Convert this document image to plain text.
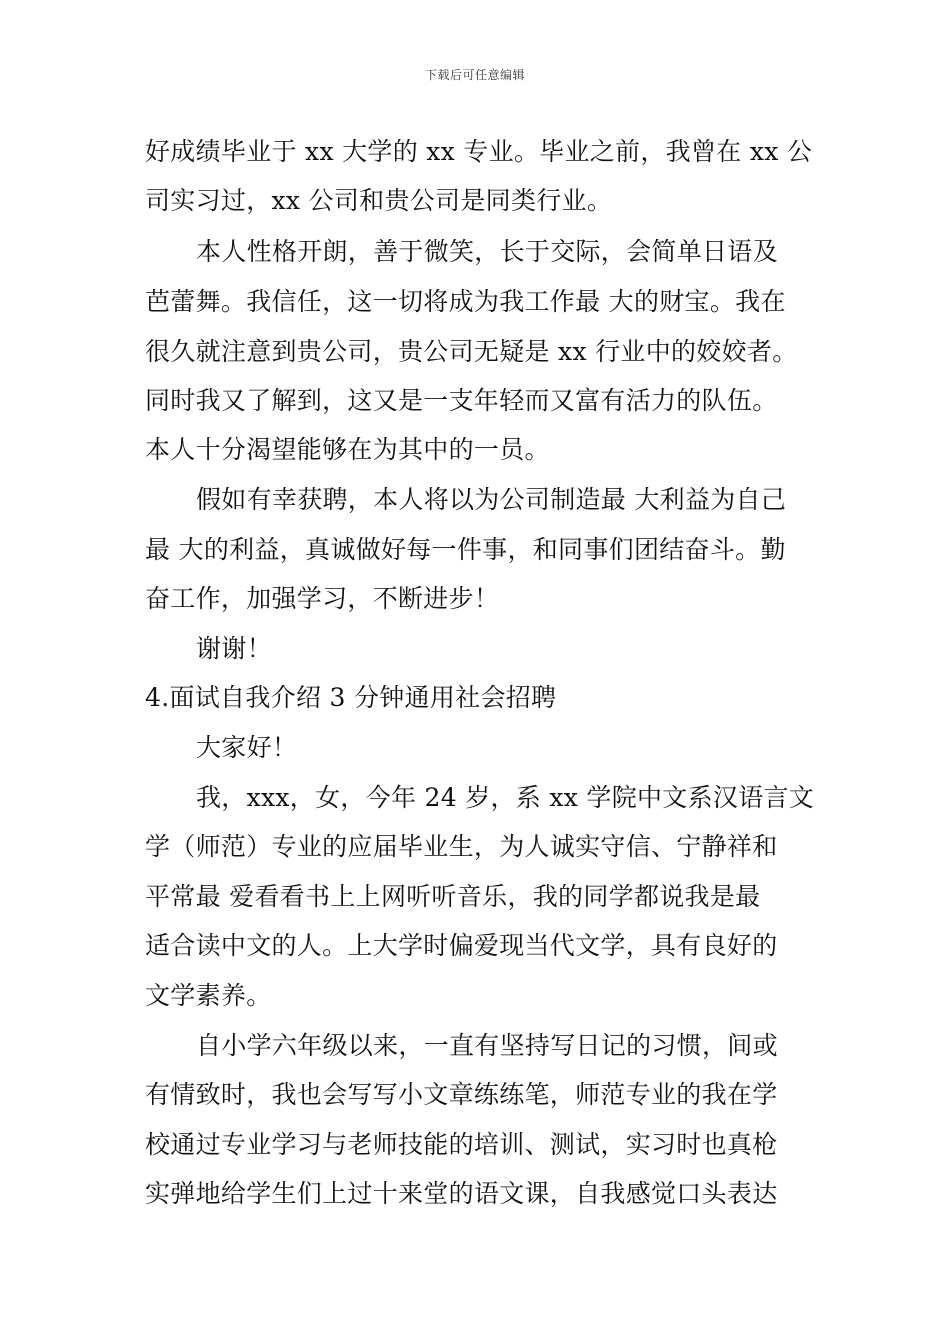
下载后可任意编辑
好成绩毕业于 xx 大学的 xx 专业。毕业之前，我曾在 xx 公
司实习过，xx 公司和贵公司是同类行业。
本人性格开朗，善于微笑，长于交际，会简单日语及
芭蕾舞。我信任，这一切将成为我工作最 大的财宝。我在
很久就注意到贵公司，贵公司无疑是 xx 行业中的姣姣者。
同时我又了解到，这又是一支年轻而又富有活力的队伍。
本人十分渴望能够在为其中的一员。
假如有幸获聘，本人将以为公司制造最 大利益为自己
最 大的利益，真诚做好每一件事，和同事们团结奋斗。勤
奋工作，加强学习，不断进步！
谢谢！
4.面试自我介绍 3 分钟通用社会招聘
大家好！
我，xxx，女，今年 24 岁，系 xx 学院中文系汉语言文
学（师范）专业的应届毕业生，为人诚实守信、宁静祥和
平常最 爱看看书上上网听听音乐，我的同学都说我是最
适合读中文的人。上大学时偏爱现当代文学，具有良好的
文学素养。
自小学六年级以来，一直有坚持写日记的习惯，间或
有情致时，我也会写写小文章练练笔，师范专业的我在学
校通过专业学习与老师技能的培训、测试，实习时也真枪
实弹地给学生们上过十来堂的语文课，自我感觉口头表达
